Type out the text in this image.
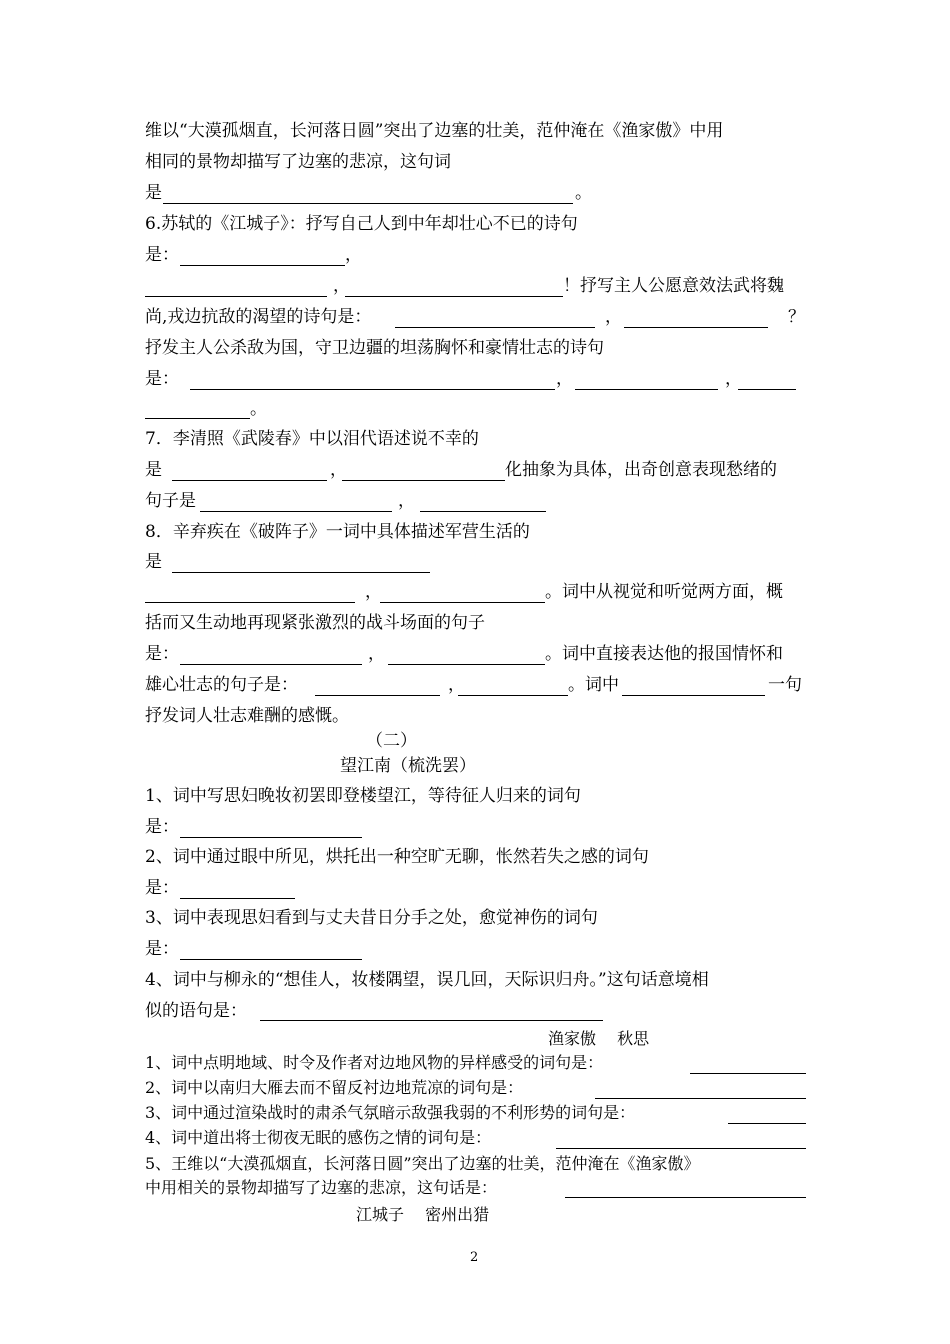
维以“大漠孤烟直，长河落日圆”突出了边塞的壮美，范仲淹在《渔家傲》中用
相同的景物却描写了边塞的悲凉，这句词
是	。
6.苏轼的《江城子》：抒写自己人到中年却壮心不已的诗句
是：	，
，	！抒写主人公愿意效法武将魏
尚,戎边抗敌的渴望的诗句是：	，	？
抒发主人公杀敌为国，守卫边疆的坦荡胸怀和豪情壮志的诗句
是：	，	，
。
7．李清照《武陵春》中以泪代语述说不幸的
是	，	化抽象为具体，出奇创意表现愁绪的
句子是	，
8．辛弃疾在《破阵子》一词中具体描述军营生活的
是
，	。词中从视觉和听觉两方面，概
括而又生动地再现紧张激烈的战斗场面的句子
是：	，	。词中直接表达他的报国情怀和
雄心壮志的句子是：	，	。词中	一句
抒发词人壮志难酬的感慨。
（二）
望江南（梳洗罢）
1、词中写思妇晚妆初罢即登楼望江，等待征人归来的词句
是：
2、词中通过眼中所见，烘托出一种空旷无聊，怅然若失之感的词句
是：
3、词中表现思妇看到与丈夫昔日分手之处，愈觉神伤的词句
是：
4、词中与柳永的“想佳人，妆楼隅望，误几回，天际识归舟。”这句话意境相
似的语句是：
渔家傲　 秋思
1、词中点明地域、时令及作者对边地风物的异样感受的词句是：
2、词中以南归大雁去而不留反衬边地荒凉的词句是：
3、词中通过渲染战时的肃杀气氛暗示敌强我弱的不利形势的词句是：
4、词中道出将士彻夜无眠的感伤之情的词句是：
5、王维以“大漠孤烟直，长河落日圆”突出了边塞的壮美，范仲淹在《渔家傲》
中用相关的景物却描写了边塞的悲凉，这句话是：
江城子　 密州出猎
2
